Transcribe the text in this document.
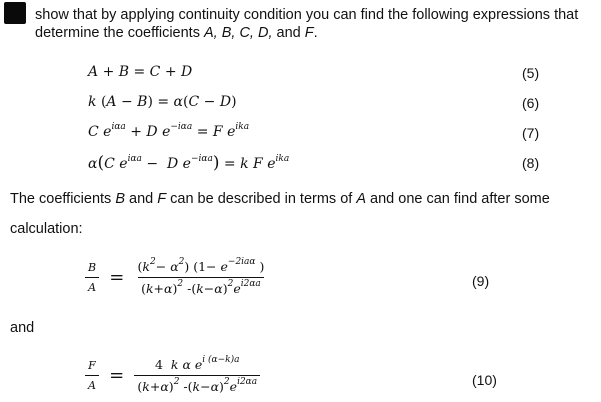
show that by applying continuity condition you can find the following expressions that
determine the coefficients A, B, C, D, and F.
A + B = C + D	(5)
k (A − B) = α(C − D)	(6)
C $e^{i\alpha a} + D$ $e^{-i\alpha a} = F$ $e^{ika}$	(7)
α(C $e^{i\alpha a} - D$ $e^{-i\alpha a}) = k$ F $e^{ika}$	(8)
The coefficients B and F can be described in terms of A and one can find after some
calculation:
$\frac{B}{A} = \frac{(k^2- \alpha^2) (1- e^{-2ia\alpha} )}{(k+\alpha)^2 -(k-\alpha)^2e^{i2\alpha a}}$	(9)
and
$\frac{F}{A} = \frac{4 k \alpha e^{i (\alpha-k)a}}{(k+\alpha)^2 -(k-\alpha)^2e^{i2\alpha a}}$	(10)
